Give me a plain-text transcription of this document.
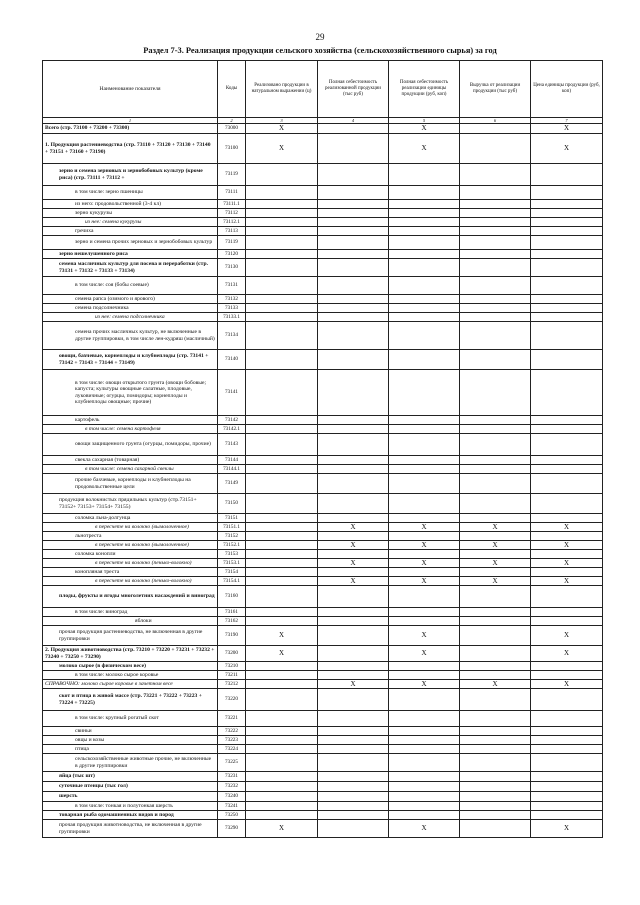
29
Раздел 7-3. Реализация продукции сельского хозяйства (сельскохозяйственного сырья) за год
Наименование показателя	Коды	Реализовано продукции в натуральном выражении (ц)	Полная себестоимость реализованной продукции (тыс руб)	Полная себестоимость реализации единицы продукции (руб, коп)	Выручка от реализации продукции (тыс руб)	Цена единицы продукции (руб, коп)
1	2	3	4	5	6	7
Всего (стр. 73100 + 73200 + 73300)	73000	X		X		X
1. Продукция растениеводства (стр. 73110 + 73120 + 73130 + 73140 + 73151 + 73160 + 73190)	73100	X		X		X
зерно и семена зерновых и зернобобовых культур (кроме риса) (стр. 73111 + 73112 +	73119					
в том числе: зерно пшеницы	73111					
из него: продовольственной (3-4 кл)	73111.1					
зерно кукурузы	73112					
из нее: семена кукурузы	73112.1					
гречиха	73113					
зерно и семена прочих зерновых и зернобобовых культур	73119					
зерно нешелушенного риса	73120					
семена масличных культур для посева и переработки (стр. 73131 + 73132 + 73133 + 73134)	73130					
в том числе: соя (бобы соевые)	73131					
семена рапса (озимого и ярового)	73132					
семена подсолнечника	73133					
из нее: семена подсолнечника	73133.1					
семена прочих масличных культур, не включенные в другие группировки, в том числе лен-кудряш (масличный)	73134					
овощи, бахчевые, корнеплоды и клубнеплоды (стр. 73141 + 73142 + 73143 + 73144 + 73149)	73140					
в том числе: овощи открытого грунта (овощи бобовые; капуста; культуры овощные салатные, плодовые, луковичные; огурцы, помидоры; корнеплоды и клубнеплоды овощные; прочие)	73141					
картофель	73142					
в том числе: семена картофеля	73142.1					
овощи защищенного грунта (огурцы, помидоры, прочие)	73143					
свекла сахарная (товарная)	73144					
в том числе: семена сахарной свеклы	73144.1					
прочие бахчевые, корнеплоды и клубнеплоды на продовольственные цели	73149					
продукция волокнистых прядильных культур (стр.73151+ 73152+ 73153+ 73154+ 73155)	73150					
соломка льна-долгунца	73151					
в пересчете на волокно (вымолоченное)	73151.1		X	X	X	X
льнотреста	73152					
в пересчете на волокно (вымолоченное)	73152.1		X	X	X	X
соломка конопли	73153					
в пересчете на волокно (пенько-волокно)	73153.1		X	X	X	X
конопляная треста	73154					
в пересчете на волокно (пенько-волокно)	73154.1		X	X	X	X
плоды, фрукты и ягоды многолетних насаждений и виноград	73160					
в том числе: виноград	73161					
яблоки	73162					
прочая продукция растениеводства, не включенная в другие группировки	73190	X		X		X
2. Продукция животноводства (стр. 73210 + 73220 + 73231 + 73232 + 73240 + 73250 + 73290)	73200	X		X		X
молоко сырое (в физическом весе)	73210					
в том числе: молоко сырое коровье	73211					
СПРАВОЧНО: молоко сырое коровье в зачетном весе	73212		X	X	X	X
скот и птица в живой массе (стр. 73221 + 73222 + 73223 + 73224 + 73225)	73220					
в том числе: крупный рогатый скот	73221					
свиньи	73222					
овцы и козы	73223					
птица	73224					
сельскохозяйственные животные прочие, не включенные в другие группировки	73225					
яйца (тыс шт)	73231					
суточные птенцы (тыс гол)	73232					
шерсть	73240					
в том числе: тонкая и полутонкая шерсть	73241					
товарная рыба одомашненных видов и пород	73250					
прочая продукция животноводства, не включенная в другие группировки	73290	X		X		X
